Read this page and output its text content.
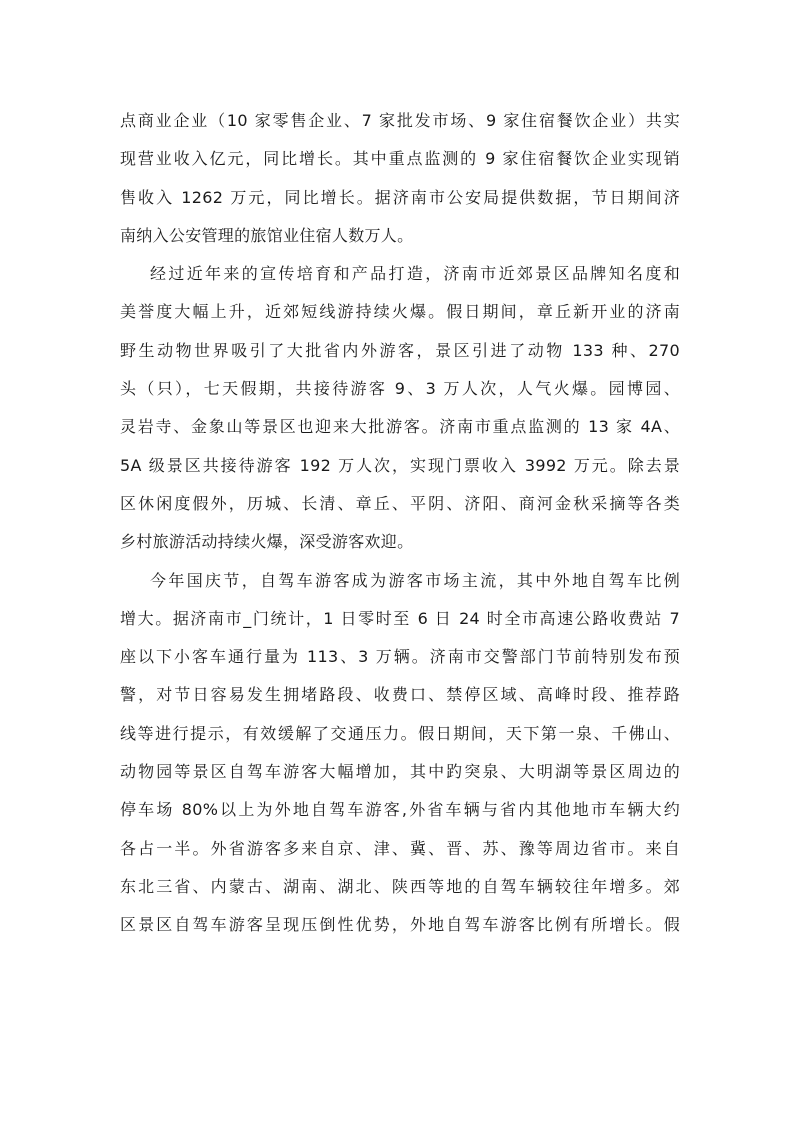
点商业企业（10 家零售企业、7 家批发市场、9 家住宿餐饮企业）共实
现营业收入亿元，同比增长。其中重点监测的 9 家住宿餐饮企业实现销
售收入 1262 万元，同比增长。据济南市公安局提供数据，节日期间济
南纳入公安管理的旅馆业住宿人数万人。
经过近年来的宣传培育和产品打造，济南市近郊景区品牌知名度和
美誉度大幅上升，近郊短线游持续火爆。假日期间，章丘新开业的济南
野生动物世界吸引了大批省内外游客，景区引进了动物 133 种、270
头（只），七天假期，共接待游客 9、3 万人次，人气火爆。园博园、
灵岩寺、金象山等景区也迎来大批游客。济南市重点监测的 13 家 4A、
5A 级景区共接待游客 192 万人次，实现门票收入 3992 万元。除去景
区休闲度假外，历城、长清、章丘、平阴、济阳、商河金秋采摘等各类
乡村旅游活动持续火爆，深受游客欢迎。
今年国庆节，自驾车游客成为游客市场主流，其中外地自驾车比例
增大。据济南市_门统计，1 日零时至 6 日 24 时全市高速公路收费站 7
座以下小客车通行量为 113、3 万辆。济南市交警部门节前特别发布预
警，对节日容易发生拥堵路段、收费口、禁停区域、高峰时段、推荐路
线等进行提示，有效缓解了交通压力。假日期间，天下第一泉、千佛山、
动物园等景区自驾车游客大幅增加，其中趵突泉、大明湖等景区周边的
停车场 80%以上为外地自驾车游客,外省车辆与省内其他地市车辆大约
各占一半。外省游客多来自京、津、冀、晋、苏、豫等周边省市。来自
东北三省、内蒙古、湖南、湖北、陕西等地的自驾车辆较往年增多。郊
区景区自驾车游客呈现压倒性优势，外地自驾车游客比例有所增长。假
